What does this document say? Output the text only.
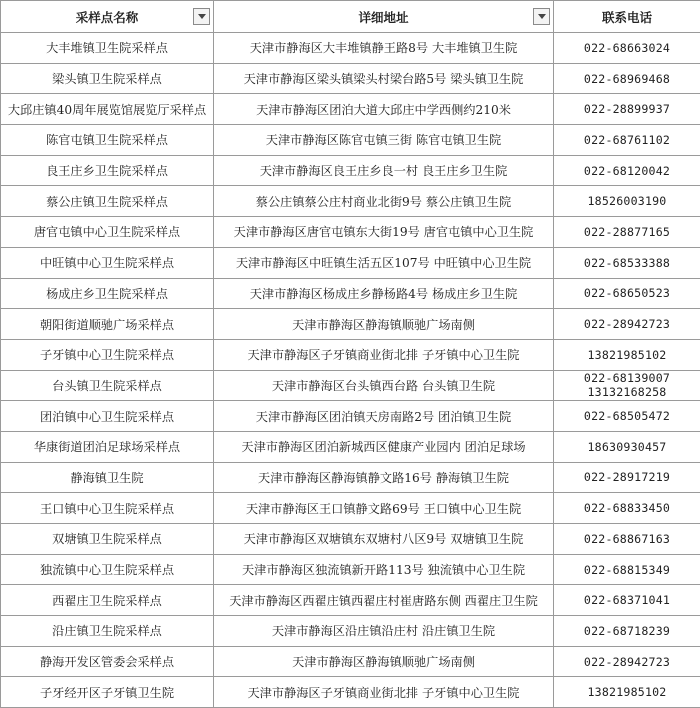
采样点名称	详细地址	联系电话
大丰堆镇卫生院采样点	天津市静海区大丰堆镇静王路8号 大丰堆镇卫生院	022-68663024
梁头镇卫生院采样点	天津市静海区梁头镇梁头村梁台路5号 梁头镇卫生院	022-68969468
大邱庄镇40周年展览馆展览厅采样点	天津市静海区团泊大道大邱庄中学西侧约210米	022-28899937
陈官屯镇卫生院采样点	天津市静海区陈官屯镇三街 陈官屯镇卫生院	022-68761102
良王庄乡卫生院采样点	天津市静海区良王庄乡良一村 良王庄乡卫生院	022-68120042
蔡公庄镇卫生院采样点	蔡公庄镇蔡公庄村商业北街9号 蔡公庄镇卫生院	18526003190
唐官屯镇中心卫生院采样点	天津市静海区唐官屯镇东大街19号 唐官屯镇中心卫生院	022-28877165
中旺镇中心卫生院采样点	天津市静海区中旺镇生活五区107号 中旺镇中心卫生院	022-68533388
杨成庄乡卫生院采样点	天津市静海区杨成庄乡静杨路4号 杨成庄乡卫生院	022-68650523
朝阳街道顺驰广场采样点	天津市静海区静海镇顺驰广场南侧	022-28942723
子牙镇中心卫生院采样点	天津市静海区子牙镇商业街北排 子牙镇中心卫生院	13821985102
台头镇卫生院采样点	天津市静海区台头镇西台路 台头镇卫生院	022-68139007
13132168258

团泊镇中心卫生院采样点	天津市静海区团泊镇天房南路2号 团泊镇卫生院	022-68505472
华康街道团泊足球场采样点	天津市静海区团泊新城西区健康产业园内 团泊足球场	18630930457
静海镇卫生院	天津市静海区静海镇静文路16号 静海镇卫生院	022-28917219
王口镇中心卫生院采样点	天津市静海区王口镇静文路69号 王口镇中心卫生院	022-68833450
双塘镇卫生院采样点	天津市静海区双塘镇东双塘村八区9号 双塘镇卫生院	022-68867163
独流镇中心卫生院采样点	天津市静海区独流镇新开路113号 独流镇中心卫生院	022-68815349
西翟庄卫生院采样点	天津市静海区西翟庄镇西翟庄村崔唐路东侧 西翟庄卫生院	022-68371041
沿庄镇卫生院采样点	天津市静海区沿庄镇沿庄村 沿庄镇卫生院	022-68718239
静海开发区管委会采样点	天津市静海区静海镇顺驰广场南侧	022-28942723
子牙经开区子牙镇卫生院	天津市静海区子牙镇商业街北排 子牙镇中心卫生院	13821985102
